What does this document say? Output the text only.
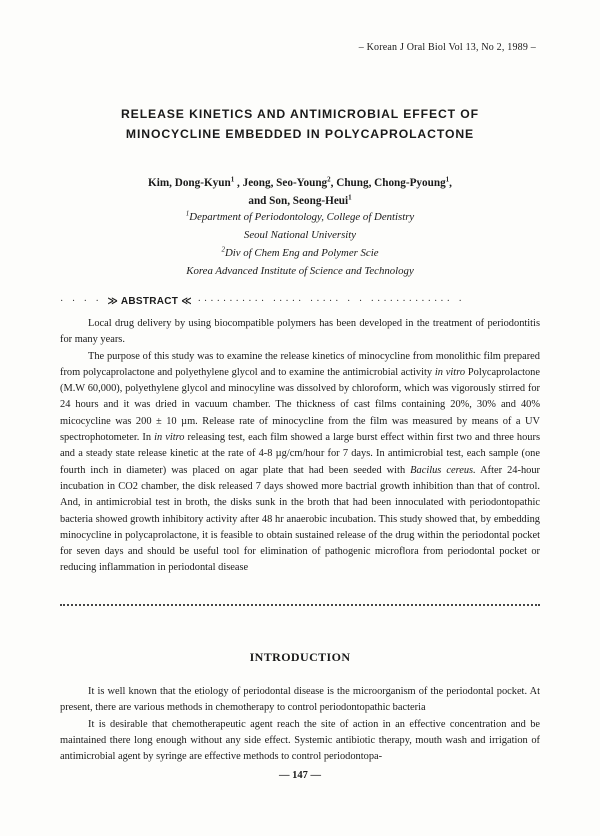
– Korean J Oral Biol Vol 13, No 2, 1989 –
RELEASE KINETICS AND ANTIMICROBIAL EFFECT OF
MINOCYCLINE EMBEDDED IN POLYCAPROLACTONE
Kim, Dong-Kyun$^1$ , Jeong, Seo-Young$^2$, Chung, Chong-Pyoung$^1$,
and Son, Seong-Heui$^1$
$^1$Department of Periodontology, College of Dentistry
Seoul National University
$^2$Div of Chem Eng and Polymer Scie
Korea Advanced Institute of Science and Technology
· · · · ≫ ABSTRACT ≪ ··········· ····· ····· · · ············· ·

Local drug delivery by using biocompatible polymers has been developed in the treatment of periodontitis for many years.

The purpose of this study was to examine the release kinetics of minocycline from monolithic film prepared from polycaprolactone and polyethylene glycol and to examine the antimicrobial activity in vitro Polycaprolactone (M.W 60,000), polyethylene glycol and minocyline was dissolved by chloroform, which was vigorously stirred for 24 hours and it was dried in vacuum chamber. The thickness of cast films containing 20%, 30% and 40% micocycline was 200 ± 10 µm. Release rate of minocycline from the film was measured by means of a UV spectrophotometer. In in vitro releasing test, each film showed a large burst effect within first two and three hours and a steady state release kinetic at the rate of 4-8 µg/cm/hour for 7 days. In antimicrobial test, each sample (one fourth inch in diameter) was placed on agar plate that had been seeded with Bacilus cereus. After 24-hour incubation in CO2 chamber, the disk released 7 days showed more bactrial growth inhibition than that of control. And, in antimicrobial test in broth, the disks sunk in the broth that had been innoculated with periodontopathic bacteria showed growth inhibitory activity after 48 hr anaerobic incubation. This study showed that, by embedding minocycline in polycaprolactone, it is feasible to obtain sustained release of the drug within the periodontal pocket for seven days and should be useful tool for elimination of pathogenic microflora from periodontal pocket or reducing inflammation in periodontal disease

INTRODUCTION

It is well known that the etiology of periodontal disease is the microorganism of the periodontal pocket. At present, there are various methods in chemotherapy to control periodontopathic bacteria

It is desirable that chemotherapeutic agent reach the site of action in an effective concentration and be maintained there long enough without any side effect. Systemic antibiotic therapy, mouth wash and irrigation of antimicrobial agent by syringe are effective methods to control periodontopa-

— 147 —
